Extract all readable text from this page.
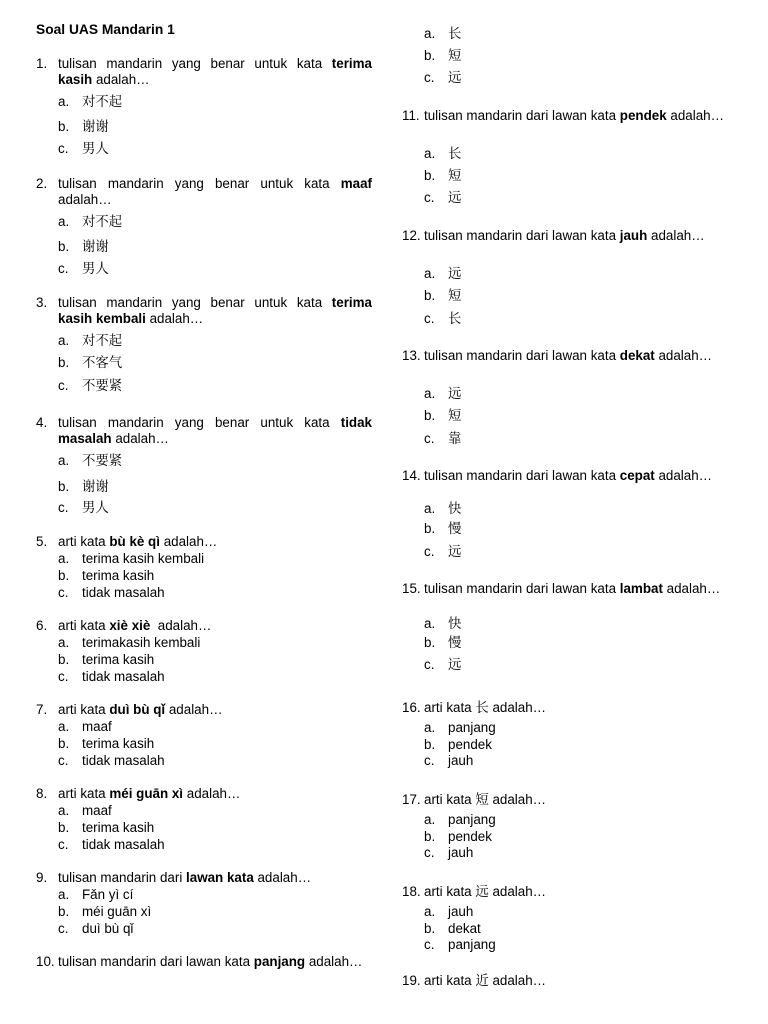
Soal UAS Mandarin 1
1. tulisan mandarin yang benar untuk kata terima kasih adalah…
a. 对不起
b. 谢谢
c. 男人
2. tulisan mandarin yang benar untuk kata maaf adalah…
a. 对不起
b. 谢谢
c. 男人
3. tulisan mandarin yang benar untuk kata terima kasih kembali adalah…
a. 对不起
b. 不客气
c. 不要紧
4. tulisan mandarin yang benar untuk kata tidak masalah adalah…
a. 不要紧
b. 谢谢
c. 男人
5. arti kata bù kè qì adalah…
a. terima kasih kembali
b. terima kasih
c. tidak masalah
6. arti kata xiè xiè  adalah…
a. terimakasih kembali
b. terima kasih
c. tidak masalah
7. arti kata duì bù qǐ adalah…
a. maaf
b. terima kasih
c. tidak masalah
8. arti kata méi guān xì adalah…
a. maaf
b. terima kasih
c. tidak masalah
9. tulisan mandarin dari lawan kata adalah…
a. Fǎn yì cí
b. méi guān xì
c. duì bù qǐ
10. tulisan mandarin dari lawan kata panjang adalah…
a. 长
b. 短
c. 远
11. tulisan mandarin dari lawan kata pendek adalah…
a. 长
b. 短
c. 远
12. tulisan mandarin dari lawan kata jauh adalah…
a. 远
b. 短
c. 长
13. tulisan mandarin dari lawan kata dekat adalah…
a. 远
b. 短
c. 靠
14. tulisan mandarin dari lawan kata cepat adalah…
a. 快
b. 慢
c. 远
15. tulisan mandarin dari lawan kata lambat adalah…
a. 快
b. 慢
c. 远
16. arti kata 长 adalah…
a. panjang
b. pendek
c. jauh
17. arti kata 短 adalah…
a. panjang
b. pendek
c. jauh
18. arti kata 远 adalah…
a. jauh
b. dekat
c. panjang
19. arti kata 近 adalah…
